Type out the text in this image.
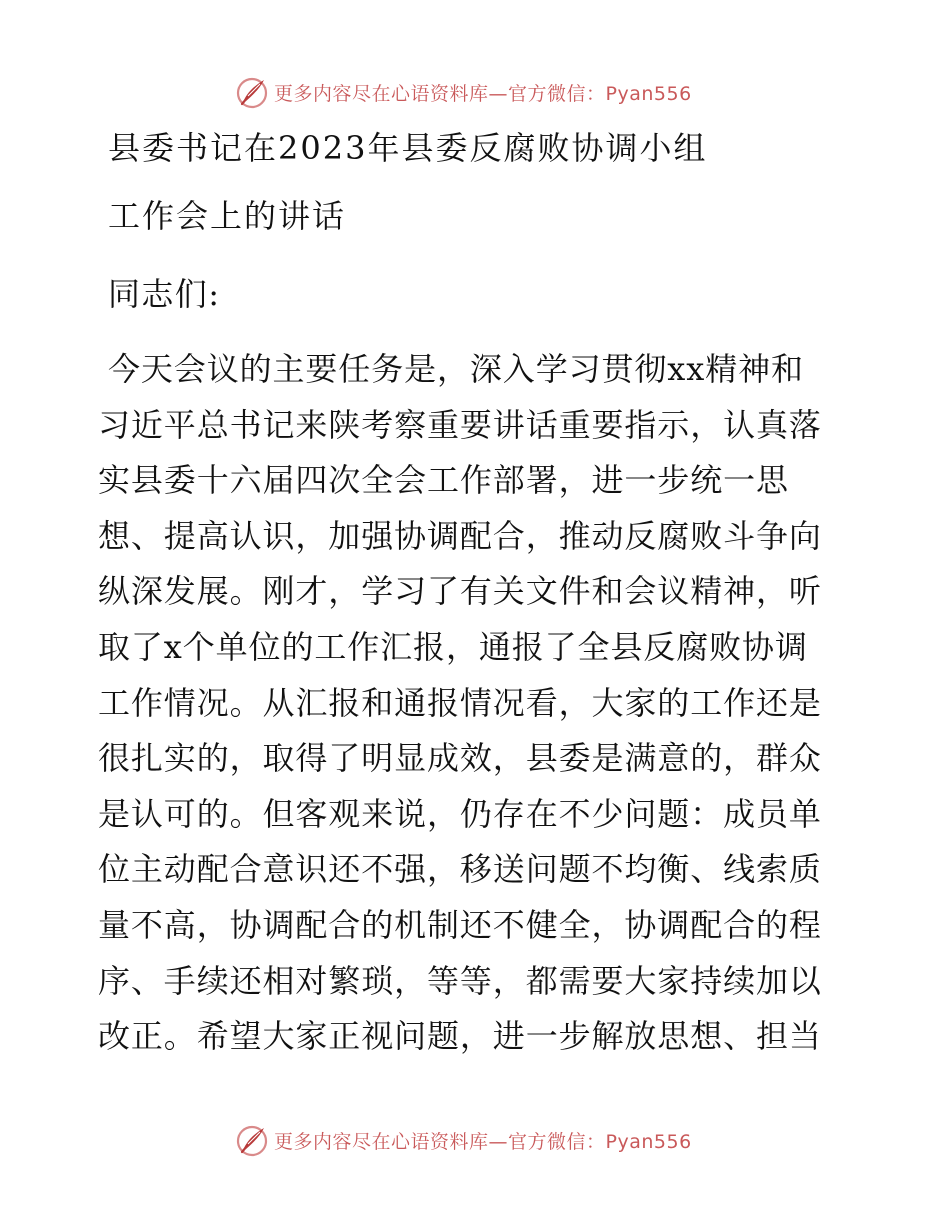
更多内容尽在心语资料库—官方微信：Pyan556
县委书记在2023年县委反腐败协调小组
工作会上的讲话
同志们:
今天会议的主要任务是，深入学习贯彻xx精神和
习近平总书记来陕考察重要讲话重要指示，认真落
实县委十六届四次全会工作部署，进一步统一思
想、提高认识，加强协调配合，推动反腐败斗争向
纵深发展。刚才，学习了有关文件和会议精神，听
取了x个单位的工作汇报，通报了全县反腐败协调
工作情况。从汇报和通报情况看，大家的工作还是
很扎实的，取得了明显成效，县委是满意的，群众
是认可的。但客观来说，仍存在不少问题：成员单
位主动配合意识还不强，移送问题不均衡、线索质
量不高，协调配合的机制还不健全，协调配合的程
序、手续还相对繁琐，等等，都需要大家持续加以
改正。希望大家正视问题，进一步解放思想、担当
更多内容尽在心语资料库—官方微信：Pyan556
